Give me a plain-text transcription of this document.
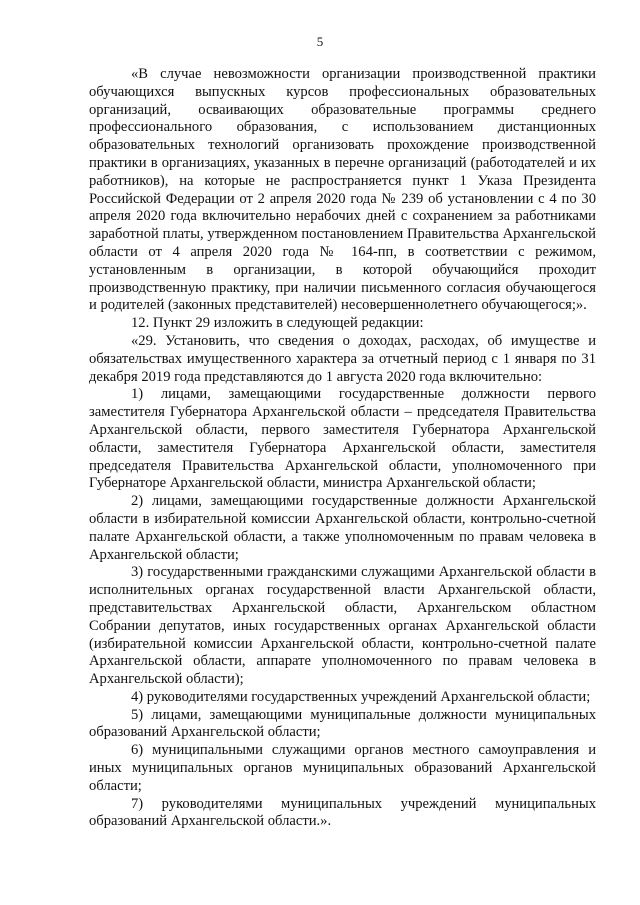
5

«В случае невозможности организации производственной практики обучающихся выпускных курсов профессиональных образовательных организаций, осваивающих образовательные программы среднего профессионального образования, с использованием дистанционных образовательных технологий организовать прохождение производственной практики в организациях, указанных в перечне организаций (работодателей и их работников), на которые не распространяется пункт 1 Указа Президента Российской Федерации от 2 апреля 2020 года № 239 об установлении с 4 по 30 апреля 2020 года включительно нерабочих дней с сохранением за работниками заработной платы, утвержденном постановлением Правительства Архангельской области от 4 апреля 2020 года № 164-пп, в соответствии с режимом, установленным в организации, в которой обучающийся проходит производственную практику, при наличии письменного согласия обучающегося и родителей (законных представителей) несовершеннолетнего обучающегося;».

12. Пункт 29 изложить в следующей редакции:

«29. Установить, что сведения о доходах, расходах, об имуществе и обязательствах имущественного характера за отчетный период с 1 января по 31 декабря 2019 года представляются до 1 августа 2020 года включительно:

1) лицами, замещающими государственные должности первого заместителя Губернатора Архангельской области – председателя Правительства Архангельской области, первого заместителя Губернатора Архангельской области, заместителя Губернатора Архангельской области, заместителя председателя Правительства Архангельской области, уполномоченного при Губернаторе Архангельской области, министра Архангельской области;

2) лицами, замещающими государственные должности Архангельской области в избирательной комиссии Архангельской области, контрольно-счетной палате Архангельской области, а также уполномоченным по правам человека в Архангельской области;

3) государственными гражданскими служащими Архангельской области в исполнительных органах государственной власти Архангельской области, представительствах Архангельской области, Архангельском областном Собрании депутатов, иных государственных органах Архангельской области (избирательной комиссии Архангельской области, контрольно-счетной палате Архангельской области, аппарате уполномоченного по правам человека в Архангельской области);

4) руководителями государственных учреждений Архангельской области;

5) лицами, замещающими муниципальные должности муниципальных образований Архангельской области;

6) муниципальными служащими органов местного самоуправления и иных муниципальных органов муниципальных образований Архангельской области;

7) руководителями муниципальных учреждений муниципальных образований Архангельской области.».
